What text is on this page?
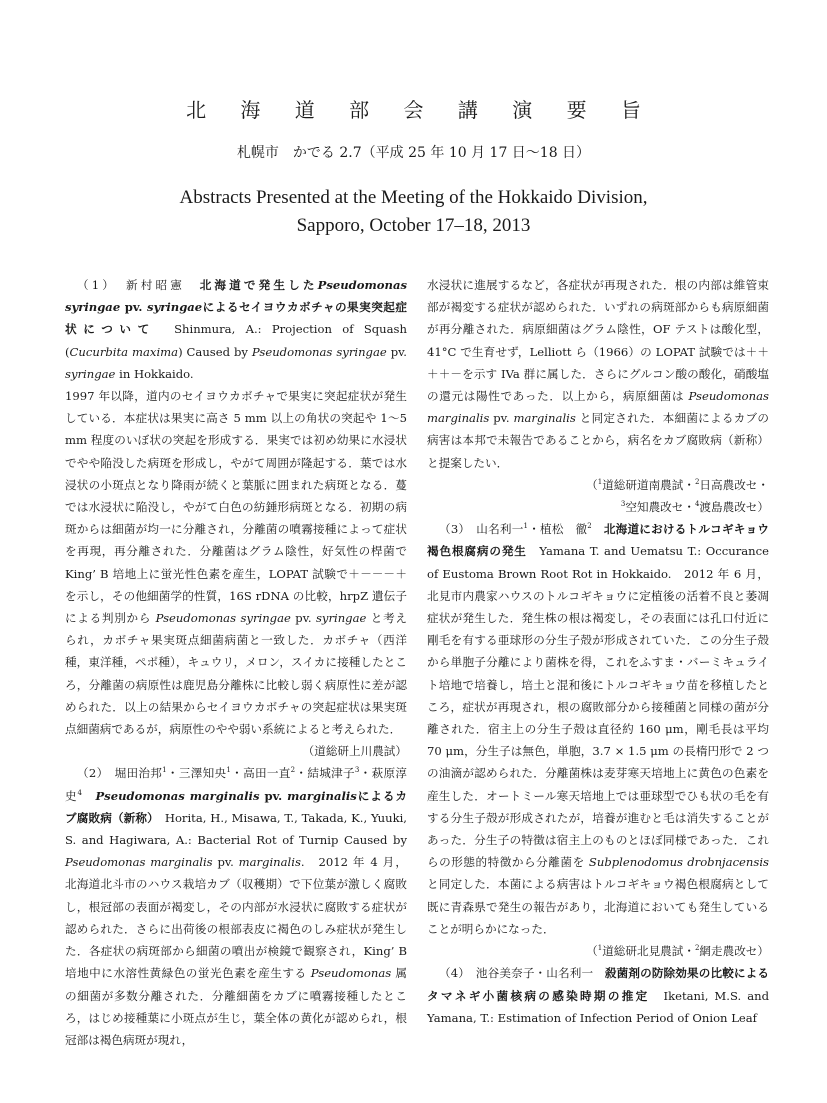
北 海 道 部 会 講 演 要 旨
札幌市　かでる 2.7（平成 25 年 10 月 17 日〜18 日）
Abstracts Presented at the Meeting of the Hokkaido Division,
Sapporo, October 17–18, 2013

（1）　 新村昭憲　 北海道で発生したPseudomonas syringae pv. syringaeによるセイヨウカボチャの果実突起症状について　 Shinmura, A.: Projection of Squash (Cucurbita maxima) Caused by Pseudomonas syringae pv. syringae in Hokkaido.

1997 年以降，道内のセイヨウカボチャで果実に突起症状が発生している．本症状は果実に高さ 5 mm 以上の角状の突起や 1〜5 mm 程度のいぼ状の突起を形成する．果実では初め幼果に水浸状でやや陥没した病斑を形成し，やがて周囲が隆起する．葉では水浸状の小斑点となり降雨が続くと葉脈に囲まれた病斑となる．蔓では水浸状に陥没し，やがて白色の紡錘形病斑となる．初期の病斑からは細菌が均一に分離され，分離菌の噴霧接種によって症状を再現，再分離された．分離菌はグラム陰性，好気性の桿菌で King’ B 培地上に蛍光性色素を産生，LOPAT 試験で＋－－－＋を示し，その他細菌学的性質，16S rDNA の比較，hrpZ 遺伝子による判別から Pseudomonas syringae pv. syringae と考えられ，カボチャ果実斑点細菌病菌と一致した．カボチャ（西洋種，東洋種，ペポ種），キュウリ，メロン，スイカに接種したところ，分離菌の病原性は鹿児島分離株に比較し弱く病原性に差が認められた．以上の結果からセイヨウカボチャの突起症状は果実斑点細菌病であるが，病原性のやや弱い系統によると考えられた．

（道総研上川農試）

（2）　 堀田治邦$^1$・三澤知央$^1$・高田一直$^2$・結城津子$^3$・萩原淳史$^4$　 Pseudomonas marginalis pv. marginalisによるカブ腐敗病（新称）　 Horita, H., Misawa, T., Takada, K., Yuuki, S. and Hagiwara, A.: Bacterial Rot of Turnip Caused by Pseudomonas marginalis pv. marginalis.　 2012 年 4 月，北海道北斗市のハウス栽培カブ（収穫期）で下位葉が激しく腐敗し，根冠部の表面が褐変し，その内部が水浸状に腐敗する症状が認められた．さらに出荷後の根部表皮に褐色のしみ症状が発生した．各症状の病斑部から細菌の噴出が検鏡で観察され，King’ B 培地中に水溶性黄緑色の蛍光色素を産生する Pseudomonas 属の細菌が多数分離された．分離細菌をカブに噴霧接種したところ，はじめ接種葉に小斑点が生じ，葉全体の黄化が認められ，根冠部は褐色病斑が現れ，

水浸状に進展するなど，各症状が再現された．根の内部は維管束部が褐変する症状が認められた．いずれの病斑部からも病原細菌が再分離された．病原細菌はグラム陰性，OF テストは酸化型，41°C で生育せず，Lelliott ら（1966）の LOPAT 試験では＋＋＋＋－を示す IVa 群に属した．さらにグルコン酸の酸化，硝酸塩の還元は陽性であった．以上から，病原細菌は Pseudomonas marginalis pv. marginalis と同定された．本細菌によるカブの病害は本邦で未報告であることから，病名をカブ腐敗病（新称）と提案したい．

（$^1$道総研道南農試・$^2$日高農改セ・
$^3$空知農改セ・$^4$渡島農改セ）

（3）　 山名利一$^1$・植松　徹$^2$　 北海道におけるトルコギキョウ褐色根腐病の発生　 Yamana T. and Uematsu T.: Occurance of Eustoma Brown Root Rot in Hokkaido.　 2012 年 6 月，北見市内農家ハウスのトルコギキョウに定植後の活着不良と萎凋症状が発生した．発生株の根は褐変し，その表面には孔口付近に剛毛を有する亜球形の分生子殻が形成されていた．この分生子殻から単胞子分離により菌株を得，これをふすま・バーミキュライト培地で培養し，培土と混和後にトルコギキョウ苗を移植したところ，症状が再現され，根の腐敗部分から接種菌と同様の菌が分離された．宿主上の分生子殻は直径約 160 μm，剛毛長は平均 70 μm，分生子は無色，単胞，3.7 × 1.5 μm の長楕円形で 2 つの油滴が認められた．分離菌株は麦芽寒天培地上に黄色の色素を産生した．オートミール寒天培地上では亜球型でひも状の毛を有する分生子殻が形成されたが，培養が進むと毛は消失することがあった．分生子の特徴は宿主上のものとほぼ同様であった．これらの形態的特徴から分離菌を Subplenodomus drobnjacensis と同定した．本菌による病害はトルコギキョウ褐色根腐病として既に青森県で発生の報告があり，北海道においても発生していることが明らかになった．

（$^1$道総研北見農試・$^2$網走農改セ）

（4）　 池谷美奈子・山名利一　 殺菌剤の防除効果の比較によるタマネギ小菌核病の感染時期の推定　 Iketani, M.S. and Yamana, T.: Estimation of Infection Period of Onion Leaf
